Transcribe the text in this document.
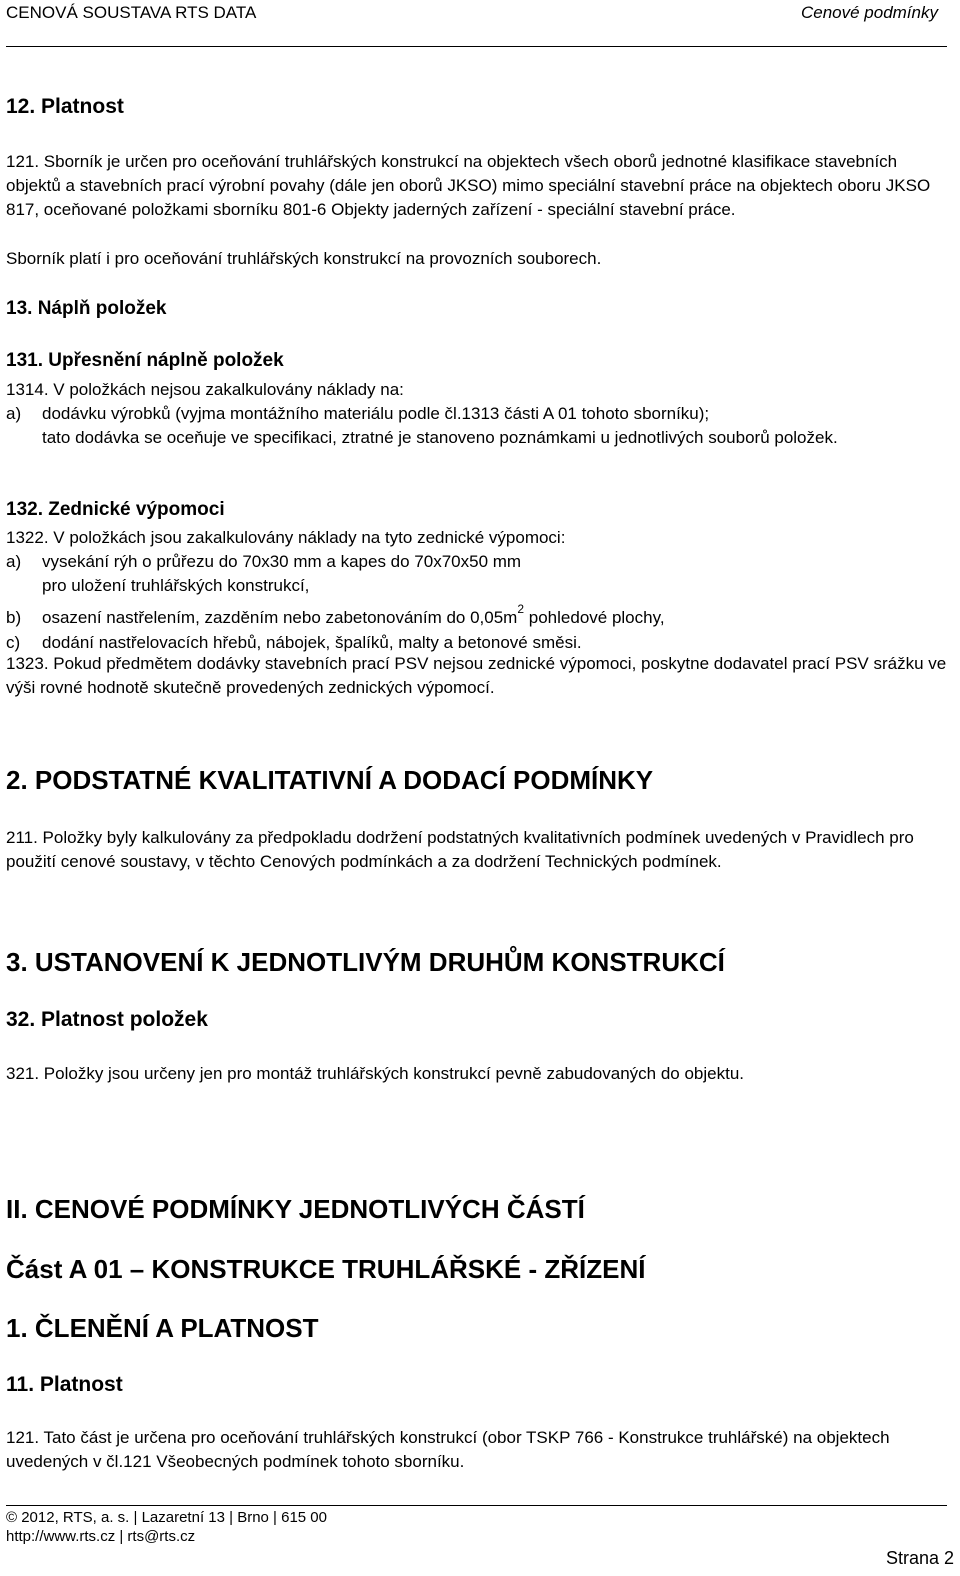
CENOVÁ SOUSTAVA RTS DATA	Cenové podmínky
12. Platnost
121. Sborník je určen pro oceňování truhlářských konstrukcí na objektech všech oborů jednotné klasifikace stavebních objektů a stavebních prací výrobní povahy (dále jen oborů JKSO) mimo speciální stavební práce na objektech oboru JKSO 817, oceňované položkami sborníku 801-6 Objekty jaderných zařízení - speciální stavební práce.
Sborník platí i pro oceňování truhlářských konstrukcí na provozních souborech.
13. Náplň položek
131. Upřesnění náplně položek
1314. V položkách nejsou zakalkulovány náklady na:
a)	dodávku výrobků (vyjma montážního materiálu podle čl.1313 části A 01 tohoto sborníku);
tato dodávka se oceňuje ve specifikaci, ztratné je stanoveno poznámkami u jednotlivých souborů položek.
132. Zednické výpomoci
1322. V položkách jsou zakalkulovány náklady na tyto zednické výpomoci:
a)	vysekání rýh o průřezu do 70x30 mm a kapes do 70x70x50 mm
pro uložení truhlářských konstrukcí,
b)	osazení nastřelením, zazděním nebo zabetonováním do $0,05m^2$ pohledové plochy,
c)	dodání nastřelovacích hřebů, nábojek, špalíků, malty a betonové směsi.
1323. Pokud předmětem dodávky stavebních prací PSV nejsou zednické výpomoci, poskytne dodavatel prací PSV srážku ve výši rovné hodnotě skutečně provedených zednických výpomocí.
2. PODSTATNÉ KVALITATIVNÍ A DODACÍ PODMÍNKY
211. Položky byly kalkulovány za předpokladu dodržení podstatných kvalitativních podmínek uvedených v Pravidlech pro použití cenové soustavy, v těchto Cenových podmínkách a za dodržení Technických podmínek.
3. USTANOVENÍ K JEDNOTLIVÝM DRUHŮM KONSTRUKCÍ
32. Platnost položek
321. Položky jsou určeny jen pro montáž truhlářských konstrukcí pevně zabudovaných do objektu.
II. CENOVÉ PODMÍNKY JEDNOTLIVÝCH ČÁSTÍ
Část A 01 – KONSTRUKCE TRUHLÁŘSKÉ - ZŘÍZENÍ
1. ČLENĚNÍ A PLATNOST
11. Platnost
121. Tato část je určena pro oceňování truhlářských konstrukcí (obor TSKP 766 - Konstrukce truhlářské) na objektech uvedených v čl.121 Všeobecných podmínek tohoto sborníku.
© 2012, RTS, a. s. | Lazaretní 13 | Brno | 615 00
http://www.rts.cz | rts@rts.cz
Strana 2
